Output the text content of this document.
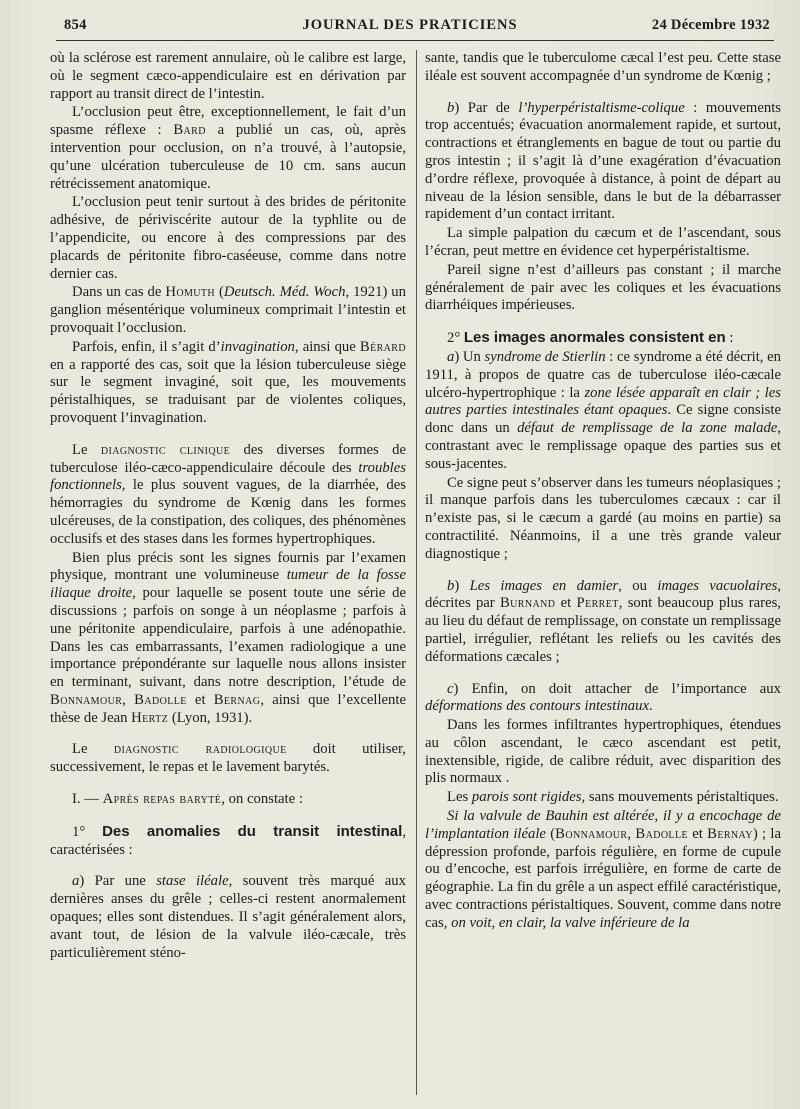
854	JOURNAL DES PRATICIENS	24 Décembre 1932

où la sclérose est rarement annulaire, où le calibre est large, où le segment cæco-appendiculaire est en dérivation par rapport au transit direct de l’intestin.

L’occlusion peut être, exceptionnellement, le fait d’un spasme réflexe : Bard a publié un cas, où, après intervention pour occlusion, on n’a trouvé, à l’autopsie, qu’une ulcération tuberculeuse de 10 cm. sans aucun rétrécissement anatomique.

L’occlusion peut tenir surtout à des brides de péritonite adhésive, de périviscérite autour de la typhlite ou de l’appendicite, ou encore à des compressions par des placards de péritonite fibro-caséeuse, comme dans notre dernier cas.

Dans un cas de Homuth (Deutsch. Méd. Woch, 1921) un ganglion mésentérique volumineux comprimait l’intestin et provoquait l’occlusion.

Parfois, enfin, il s’agit d’invagination, ainsi que Bérard en a rapporté des cas, soit que la lésion tuberculeuse siège sur le segment invaginé, soit que, les mouvements péristalhiques, se traduisant par de violentes coliques, provoquent l’invagination.

Le diagnostic clinique des diverses formes de tuberculose iléo-cæco-appendiculaire découle des troubles fonctionnels, le plus souvent vagues, de la diarrhée, des hémorragies du syndrome de Kœnig dans les formes ulcéreuses, de la constipation, des coliques, des phénomènes occlusifs et des stases dans les formes hypertrophiques.

Bien plus précis sont les signes fournis par l’examen physique, montrant une volumineuse tumeur de la fosse iliaque droite, pour laquelle se posent toute une série de discussions ; parfois on songe à un néoplasme ; parfois à une péritonite appendiculaire, parfois à une adénopathie. Dans les cas embarrassants, l’examen radiologique a une importance prépondérante sur laquelle nous allons insister en terminant, suivant, dans notre description, l’étude de Bonnamour, Badolle et Bernag, ainsi que l’excellente thèse de Jean Hertz (Lyon, 1931).

Le diagnostic radiologique doit utiliser, successivement, le repas et le lavement barytés.

I. — Après repas baryté, on constate :

1° Des anomalies du transit intestinal, caractérisées :

a) Par une stase iléale, souvent très marqué aux dernières anses du grêle ; celles-ci restent anormalement opaques; elles sont distendues. Il s’agit généralement alors, avant tout, de lésion de la valvule iléo-cæcale, très particulièrement sténo-

sante, tandis que le tuberculome cæcal l’est peu. Cette stase iléale est souvent accompagnée d’un syndrome de Kœnig ;

b) Par de l’hyperpéristaltisme-colique : mouvements trop accentués; évacuation anormalement rapide, et surtout, contractions et étranglements en bague de tout ou partie du gros intestin ; il s’agit là d’une exagération d’évacuation d’ordre réflexe, provoquée à distance, à point de départ au niveau de la lésion sensible, dans le but de la débarrasser rapidement d’un contact irritant.

La simple palpation du cæcum et de l’ascendant, sous l’écran, peut mettre en évidence cet hyperpéristaltisme.

Pareil signe n’est d’ailleurs pas constant ; il marche généralement de pair avec les coliques et les évacuations diarrhéiques impérieuses.

2° Les images anormales consistent en :

a) Un syndrome de Stierlin : ce syndrome a été décrit, en 1911, à propos de quatre cas de tuberculose iléo-cæcale ulcéro-hypertrophique : la zone lésée apparaît en clair ; les autres parties intestinales étant opaques. Ce signe consiste donc dans un défaut de remplissage de la zone malade, contrastant avec le remplissage opaque des parties sus et sous-jacentes.

Ce signe peut s’observer dans les tumeurs néoplasiques ; il manque parfois dans les tuberculomes cæcaux : car il n’existe pas, si le cæcum a gardé (au moins en partie) sa contractilité. Néanmoins, il a une très grande valeur diagnostique ;

b) Les images en damier, ou images vacuolaires, décrites par Burnand et Perret, sont beaucoup plus rares, au lieu du défaut de remplissage, on constate un remplissage partiel, irrégulier, reflétant les reliefs ou les cavités des déformations cæcales ;

c) Enfin, on doit attacher de l’importance aux déformations des contours intestinaux.

Dans les formes infiltrantes hypertrophiques, étendues au côlon ascendant, le cæco ascendant est petit, inextensible, rigide, de calibre réduit, avec disparition des plis normaux .

Les parois sont rigides, sans mouvements péristaltiques.

Si la valvule de Bauhin est altérée, il y a encochage de l’implantation iléale (Bonnamour, Badolle et Bernay) ; la dépression profonde, parfois régulière, en forme de cupule ou d’encoche, est parfois irrégulière, en forme de carte de géographie. La fin du grêle a un aspect effilé caractéristique, avec contractions péristaltiques. Souvent, comme dans notre cas, on voit, en clair, la valve inférieure de la
